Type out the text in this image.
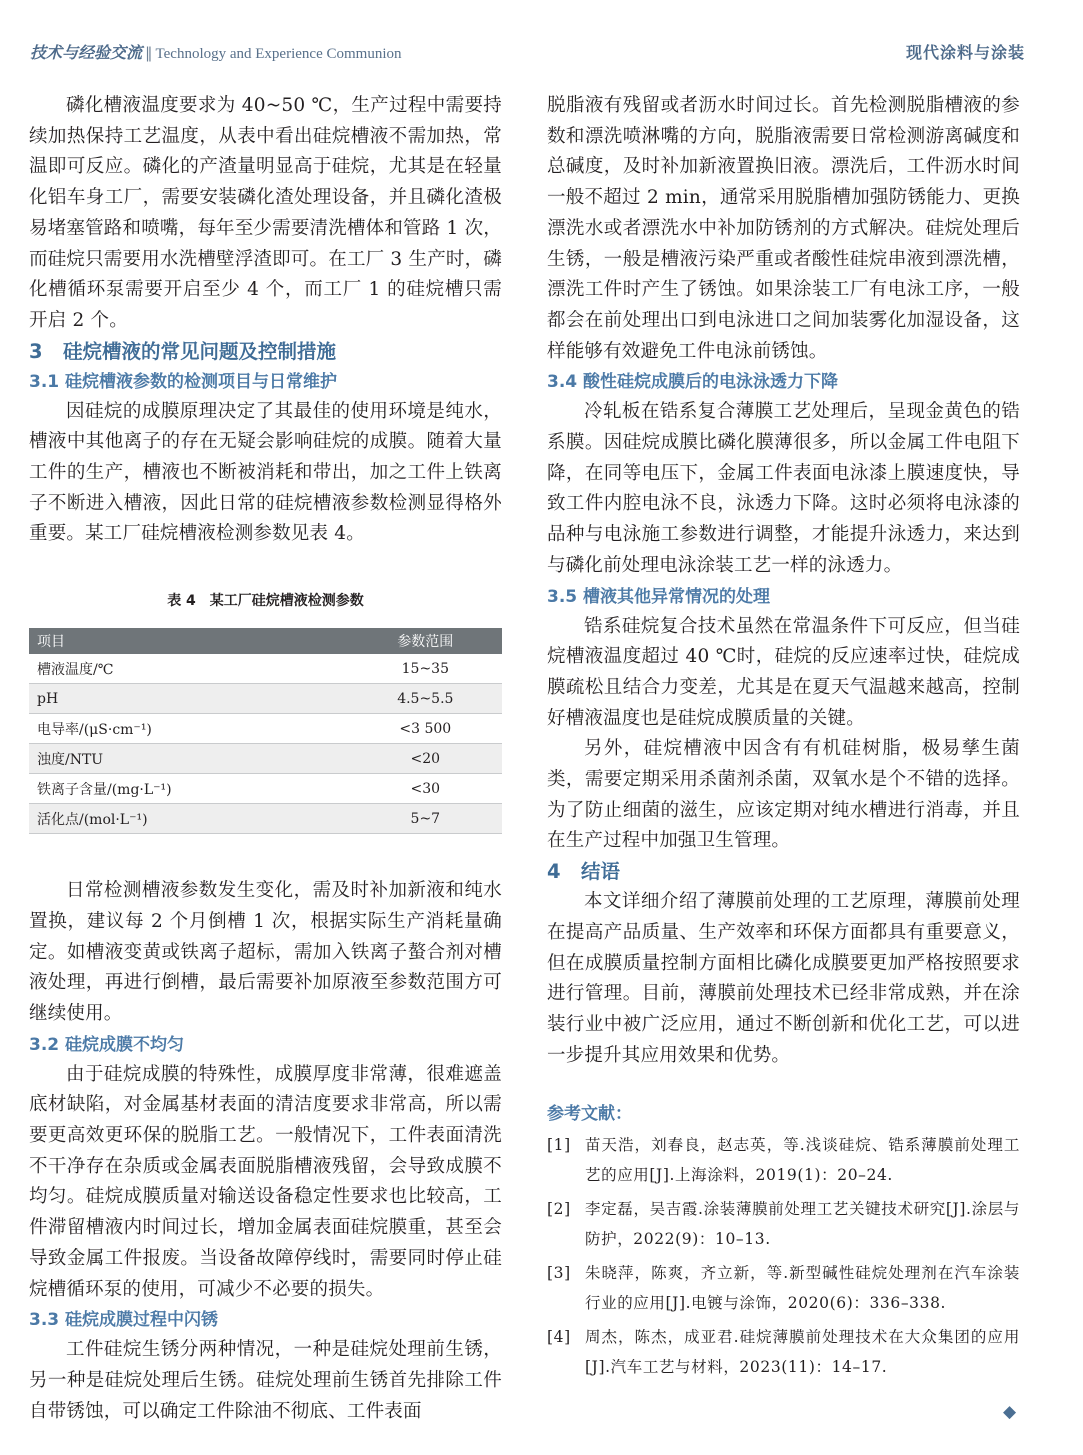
技术与经验交流 ‖ Technology and Experience Communion	现代涂料与涂装

磷化槽液温度要求为 40~50 ℃，生产过程中需要持续加热保持工艺温度，从表中看出硅烷槽液不需加热，常温即可反应。磷化的产渣量明显高于硅烷，尤其是在轻量化铝车身工厂，需要安装磷化渣处理设备，并且磷化渣极易堵塞管路和喷嘴，每年至少需要清洗槽体和管路 1 次，而硅烷只需要用水洗槽壁浮渣即可。在工厂 3 生产时，磷化槽循环泵需要开启至少 4 个，而工厂 1 的硅烷槽只需开启 2 个。

3 硅烷槽液的常见问题及控制措施
3.1 硅烷槽液参数的检测项目与日常维护

因硅烷的成膜原理决定了其最佳的使用环境是纯水，槽液中其他离子的存在无疑会影响硅烷的成膜。随着大量工件的生产，槽液也不断被消耗和带出，加之工件上铁离子不断进入槽液，因此日常的硅烷槽液参数检测显得格外重要。某工厂硅烷槽液检测参数见表 4。

表 4　某工厂硅烷槽液检测参数
项目	参数范围
槽液温度/℃	15~35
pH	4.5~5.5
电导率/(μS·cm⁻¹)	<3 500
浊度/NTU	<20
铁离子含量/(mg·L⁻¹)	<30
活化点/(mol·L⁻¹)	5~7

日常检测槽液参数发生变化，需及时补加新液和纯水置换，建议每 2 个月倒槽 1 次，根据实际生产消耗量确定。如槽液变黄或铁离子超标，需加入铁离子螯合剂对槽液处理，再进行倒槽，最后需要补加原液至参数范围方可继续使用。

3.2 硅烷成膜不均匀

由于硅烷成膜的特殊性，成膜厚度非常薄，很难遮盖底材缺陷，对金属基材表面的清洁度要求非常高，所以需要更高效更环保的脱脂工艺。一般情况下，工件表面清洗不干净存在杂质或金属表面脱脂槽液残留，会导致成膜不均匀。硅烷成膜质量对输送设备稳定性要求也比较高，工件滞留槽液内时间过长，增加金属表面硅烷膜重，甚至会导致金属工件报废。当设备故障停线时，需要同时停止硅烷槽循环泵的使用，可减少不必要的损失。

3.3 硅烷成膜过程中闪锈

工件硅烷生锈分两种情况，一种是硅烷处理前生锈，另一种是硅烷处理后生锈。硅烷处理前生锈首先排除工件自带锈蚀，可以确定工件除油不彻底、工件表面

脱脂液有残留或者沥水时间过长。首先检测脱脂槽液的参数和漂洗喷淋嘴的方向，脱脂液需要日常检测游离碱度和总碱度，及时补加新液置换旧液。漂洗后，工件沥水时间一般不超过 2 min，通常采用脱脂槽加强防锈能力、更换漂洗水或者漂洗水中补加防锈剂的方式解决。硅烷处理后生锈，一般是槽液污染严重或者酸性硅烷串液到漂洗槽，漂洗工件时产生了锈蚀。如果涂装工厂有电泳工序，一般都会在前处理出口到电泳进口之间加装雾化加湿设备，这样能够有效避免工件电泳前锈蚀。

3.4 酸性硅烷成膜后的电泳泳透力下降

冷轧板在锆系复合薄膜工艺处理后，呈现金黄色的锆系膜。因硅烷成膜比磷化膜薄很多，所以金属工件电阻下降，在同等电压下，金属工件表面电泳漆上膜速度快，导致工件内腔电泳不良，泳透力下降。这时必须将电泳漆的品种与电泳施工参数进行调整，才能提升泳透力，来达到与磷化前处理电泳涂装工艺一样的泳透力。

3.5 槽液其他异常情况的处理

锆系硅烷复合技术虽然在常温条件下可反应，但当硅烷槽液温度超过 40 ℃时，硅烷的反应速率过快，硅烷成膜疏松且结合力变差，尤其是在夏天气温越来越高，控制好槽液温度也是硅烷成膜质量的关键。

另外，硅烷槽液中因含有有机硅树脂，极易孳生菌类，需要定期采用杀菌剂杀菌，双氧水是个不错的选择。为了防止细菌的滋生，应该定期对纯水槽进行消毒，并且在生产过程中加强卫生管理。

4 结语

本文详细介绍了薄膜前处理的工艺原理，薄膜前处理在提高产品质量、生产效率和环保方面都具有重要意义，但在成膜质量控制方面相比磷化成膜要更加严格按照要求进行管理。目前，薄膜前处理技术已经非常成熟，并在涂装行业中被广泛应用，通过不断创新和优化工艺，可以进一步提升其应用效果和优势。

参考文献：
[1] 苗天浩，刘春良，赵志英，等.浅谈硅烷、锆系薄膜前处理工艺的应用[J].上海涂料，2019(1)：20–24.
[2] 李定磊，吴吉霞.涂装薄膜前处理工艺关键技术研究[J].涂层与防护，2022(9)：10–13.
[3] 朱晓萍，陈爽，齐立新，等.新型碱性硅烷处理剂在汽车涂装行业的应用[J].电镀与涂饰，2020(6)：336–338.
[4] 周杰，陈杰，成亚君.硅烷薄膜前处理技术在大众集团的应用[J].汽车工艺与材料，2023(11)：14–17.
◆
